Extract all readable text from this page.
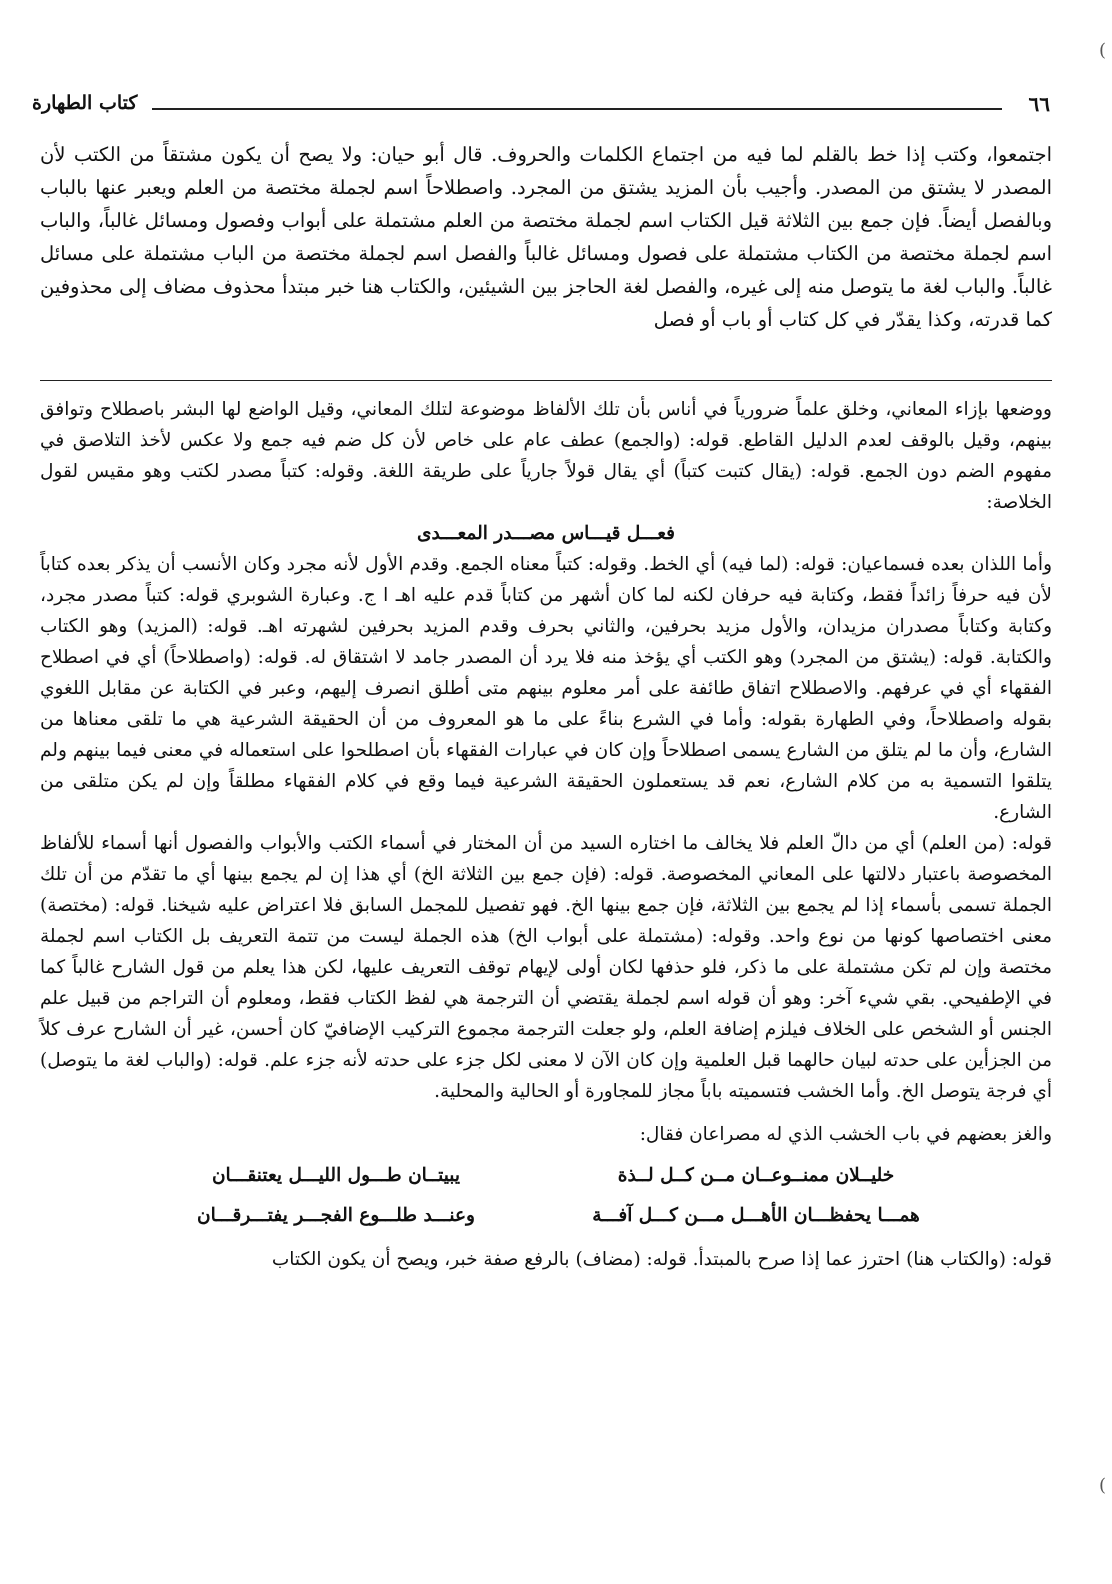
٦٦
كتاب الطهارة
اجتمعوا، وكتب إذا خط بالقلم لما فيه من اجتماع الكلمات والحروف. قال أبو حيان: ولا يصح أن يكون مشتقاً من الكتب لأن المصدر لا يشتق من المصدر. وأجيب بأن المزيد يشتق من المجرد. واصطلاحاً اسم لجملة مختصة من العلم ويعبر عنها بالباب وبالفصل أيضاً. فإن جمع بين الثلاثة قيل الكتاب اسم لجملة مختصة من العلم مشتملة على أبواب وفصول ومسائل غالباً، والباب اسم لجملة مختصة من الكتاب مشتملة على فصول ومسائل غالباً والفصل اسم لجملة مختصة من الباب مشتملة على مسائل غالباً. والباب لغة ما يتوصل منه إلى غيره، والفصل لغة الحاجز بين الشيئين، والكتاب هنا خبر مبتدأ محذوف مضاف إلى محذوفين كما قدرته، وكذا يقدّر في كل كتاب أو باب أو فصل

ووضعها بإزاء المعاني، وخلق علماً ضرورياً في أناس بأن تلك الألفاظ موضوعة لتلك المعاني، وقيل الواضع لها البشر باصطلاح وتوافق بينهم، وقيل بالوقف لعدم الدليل القاطع. قوله: (والجمع) عطف عام على خاص لأن كل ضم فيه جمع ولا عكس لأخذ التلاصق في مفهوم الضم دون الجمع. قوله: (يقال كتبت كتباً) أي يقال قولاً جارياً على طريقة اللغة. وقوله: كتباً مصدر لكتب وهو مقيس لقول الخلاصة:

فعـــل قيـــاس مصـــدر المعـــدى

وأما اللذان بعده فسماعيان: قوله: (لما فيه) أي الخط. وقوله: كتباً معناه الجمع. وقدم الأول لأنه مجرد وكان الأنسب أن يذكر بعده كتاباً لأن فيه حرفاً زائداً فقط، وكتابة فيه حرفان لكنه لما كان أشهر من كتاباً قدم عليه اهـ ا ج. وعبارة الشوبري قوله: كتباً مصدر مجرد، وكتابة وكتاباً مصدران مزيدان، والأول مزيد بحرفين، والثاني بحرف وقدم المزيد بحرفين لشهرته اهـ. قوله: (المزيد) وهو الكتاب والكتابة. قوله: (يشتق من المجرد) وهو الكتب أي يؤخذ منه فلا يرد أن المصدر جامد لا اشتقاق له. قوله: (واصطلاحاً) أي في اصطلاح الفقهاء أي في عرفهم. والاصطلاح اتفاق طائفة على أمر معلوم بينهم متى أطلق انصرف إليهم، وعبر في الكتابة عن مقابل اللغوي بقوله واصطلاحاً، وفي الطهارة بقوله: وأما في الشرع بناءً على ما هو المعروف من أن الحقيقة الشرعية هي ما تلقى معناها من الشارع، وأن ما لم يتلق من الشارع يسمى اصطلاحاً وإن كان في عبارات الفقهاء بأن اصطلحوا على استعماله في معنى فيما بينهم ولم يتلقوا التسمية به من كلام الشارع، نعم قد يستعملون الحقيقة الشرعية فيما وقع في كلام الفقهاء مطلقاً وإن لم يكن متلقى من الشارع.

قوله: (من العلم) أي من دالّ العلم فلا يخالف ما اختاره السيد من أن المختار في أسماء الكتب والأبواب والفصول أنها أسماء للألفاظ المخصوصة باعتبار دلالتها على المعاني المخصوصة. قوله: (فإن جمع بين الثلاثة الخ) أي هذا إن لم يجمع بينها أي ما تقدّم من أن تلك الجملة تسمى بأسماء إذا لم يجمع بين الثلاثة، فإن جمع بينها الخ. فهو تفصيل للمجمل السابق فلا اعتراض عليه شيخنا. قوله: (مختصة) معنى اختصاصها كونها من نوع واحد. وقوله: (مشتملة على أبواب الخ) هذه الجملة ليست من تتمة التعريف بل الكتاب اسم لجملة مختصة وإن لم تكن مشتملة على ما ذكر، فلو حذفها لكان أولى لإيهام توقف التعريف عليها، لكن هذا يعلم من قول الشارح غالباً كما في الإطفيحي. بقي شيء آخر: وهو أن قوله اسم لجملة يقتضي أن الترجمة هي لفظ الكتاب فقط، ومعلوم أن التراجم من قبيل علم الجنس أو الشخص على الخلاف فيلزم إضافة العلم، ولو جعلت الترجمة مجموع التركيب الإضافيّ كان أحسن، غير أن الشارح عرف كلاً من الجزأين على حدته لبيان حالهما قبل العلمية وإن كان الآن لا معنى لكل جزء على حدته لأنه جزء علم. قوله: (والباب لغة ما يتوصل) أي فرجة يتوصل الخ. وأما الخشب فتسميته باباً مجاز للمجاورة أو الحالية والمحلية.

والغز بعضهم في باب الخشب الذي له مصراعان فقال:

خليــلان ممنــوعــان مــن كــل لــذة
يبيتــان طـــول الليـــل يعتنقـــان
همـــا يحفظـــان الأهـــل مـــن كـــل آفـــة
وعنـــد طلـــوع الفجـــر يفتـــرقـــان

قوله: (والكتاب هنا) احترز عما إذا صرح بالمبتدأ. قوله: (مضاف) بالرفع صفة خبر، ويصح أن يكون الكتاب

)
)
